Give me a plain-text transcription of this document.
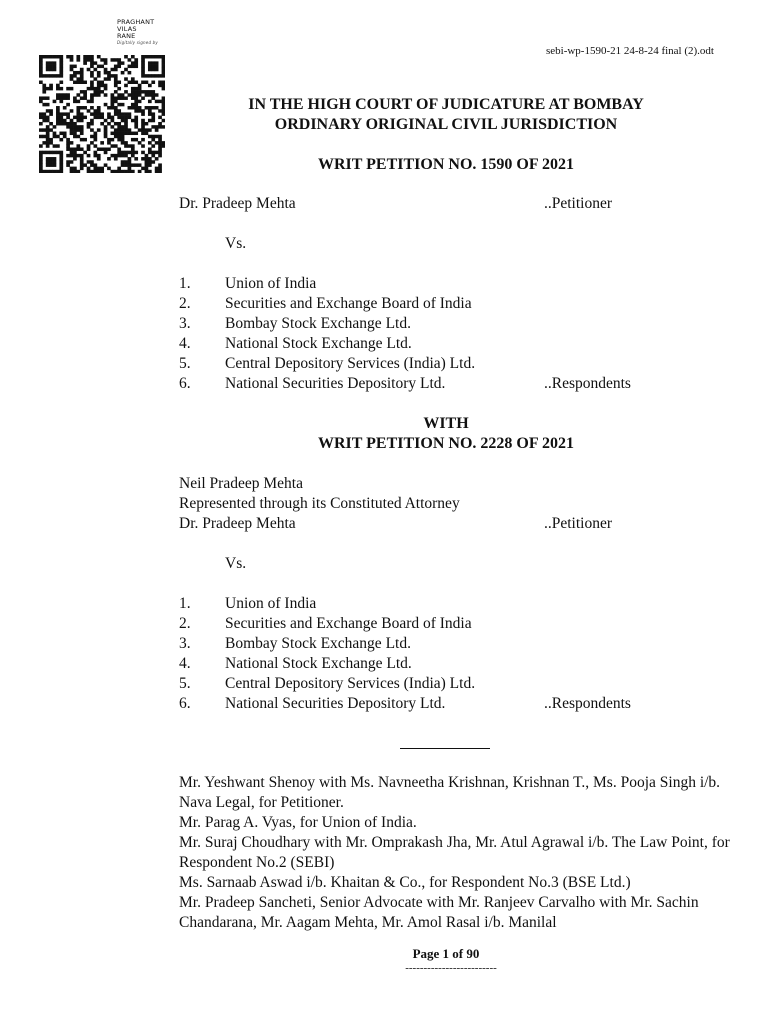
PRAGHANT
VILAS
RANE
Digitally signed by
sebi-wp-1590-21 24-8-24 final (2).odt
IN THE HIGH COURT OF JUDICATURE AT BOMBAY
ORDINARY ORIGINAL CIVIL JURISDICTION
WRIT PETITION NO. 1590 OF 2021
Dr. Pradeep Mehta	..Petitioner
Vs.
1. Union of India
2. Securities and Exchange Board of India
3. Bombay Stock Exchange Ltd.
4. National Stock Exchange Ltd.
5. Central Depository Services (India) Ltd.
6. National Securities Depository Ltd.	..Respondents
WITH
WRIT PETITION NO. 2228 OF 2021
Neil Pradeep Mehta
Represented through its Constituted Attorney
Dr. Pradeep Mehta	..Petitioner
Vs.
1. Union of India
2. Securities and Exchange Board of India
3. Bombay Stock Exchange Ltd.
4. National Stock Exchange Ltd.
5. Central Depository Services (India) Ltd.
6. National Securities Depository Ltd.	..Respondents

Mr. Yeshwant Shenoy with Ms. Navneetha Krishnan, Krishnan T., Ms. Pooja Singh i/b. Nava Legal, for Petitioner.

Mr. Parag A. Vyas, for Union of India.

Mr. Suraj Choudhary with Mr. Omprakash Jha, Mr. Atul Agrawal i/b. The Law Point, for Respondent No.2 (SEBI)

Ms. Sarnaab Aswad i/b. Khaitan & Co., for Respondent No.3 (BSE Ltd.)

Mr. Pradeep Sancheti, Senior Advocate with Mr. Ranjeev Carvalho with Mr. Sachin Chandarana, Mr. Aagam Mehta, Mr. Amol Rasal i/b. Manilal

Page 1 of 90
-------------------------
